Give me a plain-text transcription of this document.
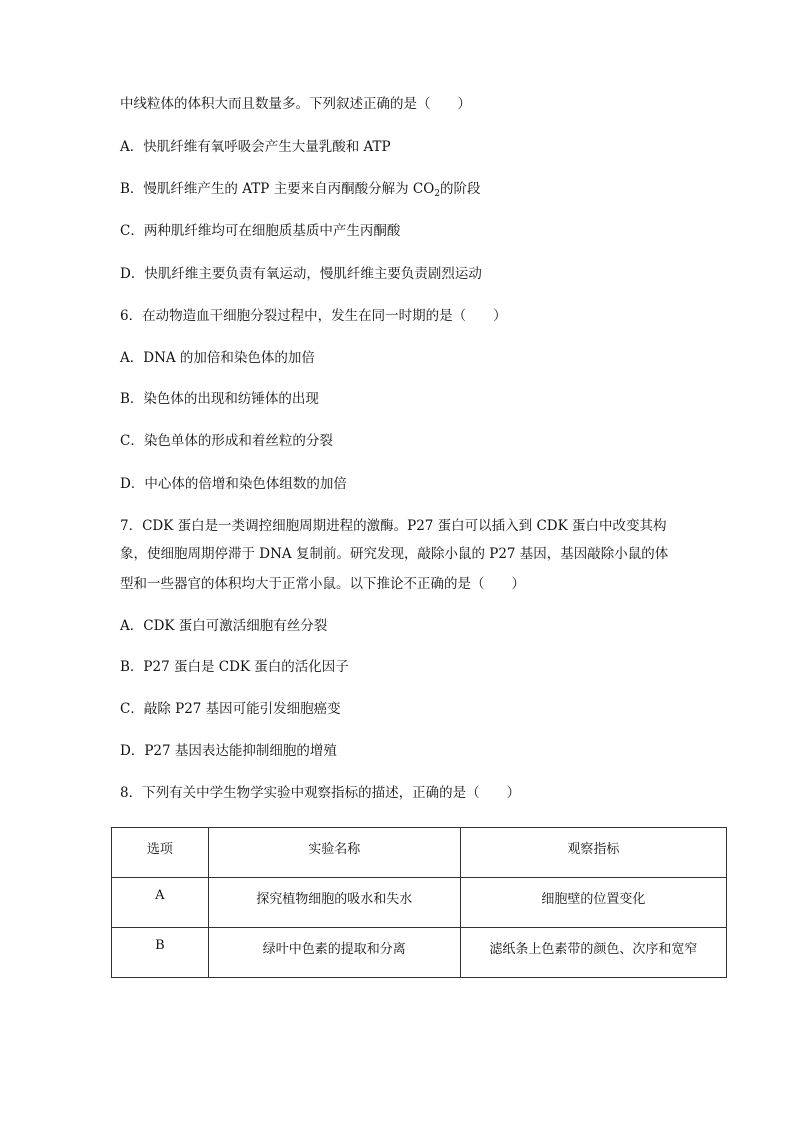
中线粒体的体积大而且数量多。下列叙述正确的是（　　）
A．快肌纤维有氧呼吸会产生大量乳酸和 ATP
B．慢肌纤维产生的 ATP 主要来自丙酮酸分解为 $CO_2$的阶段
C．两种肌纤维均可在细胞质基质中产生丙酮酸
D．快肌纤维主要负责有氧运动，慢肌纤维主要负责剧烈运动
6．在动物造血干细胞分裂过程中，发生在同一时期的是（　　）
A．DNA 的加倍和染色体的加倍
B．染色体的出现和纺锤体的出现
C．染色单体的形成和着丝粒的分裂
D．中心体的倍增和染色体组数的加倍
7．CDK 蛋白是一类调控细胞周期进程的激酶。P27 蛋白可以插入到 CDK 蛋白中改变其构
象，使细胞周期停滞于 DNA 复制前。研究发现，敲除小鼠的 P27 基因，基因敲除小鼠的体
型和一些器官的体积均大于正常小鼠。以下推论不正确的是（　　）
A．CDK 蛋白可激活细胞有丝分裂
B．P27 蛋白是 CDK 蛋白的活化因子
C．敲除 P27 基因可能引发细胞癌变
D．P27 基因表达能抑制细胞的增殖
8．下列有关中学生物学实验中观察指标的描述，正确的是（　　）
选项	实验名称	观察指标

A	探究植物细胞的吸水和失水	细胞壁的位置变化

B	绿叶中色素的提取和分离	滤纸条上色素带的颜色、次序和宽窄
